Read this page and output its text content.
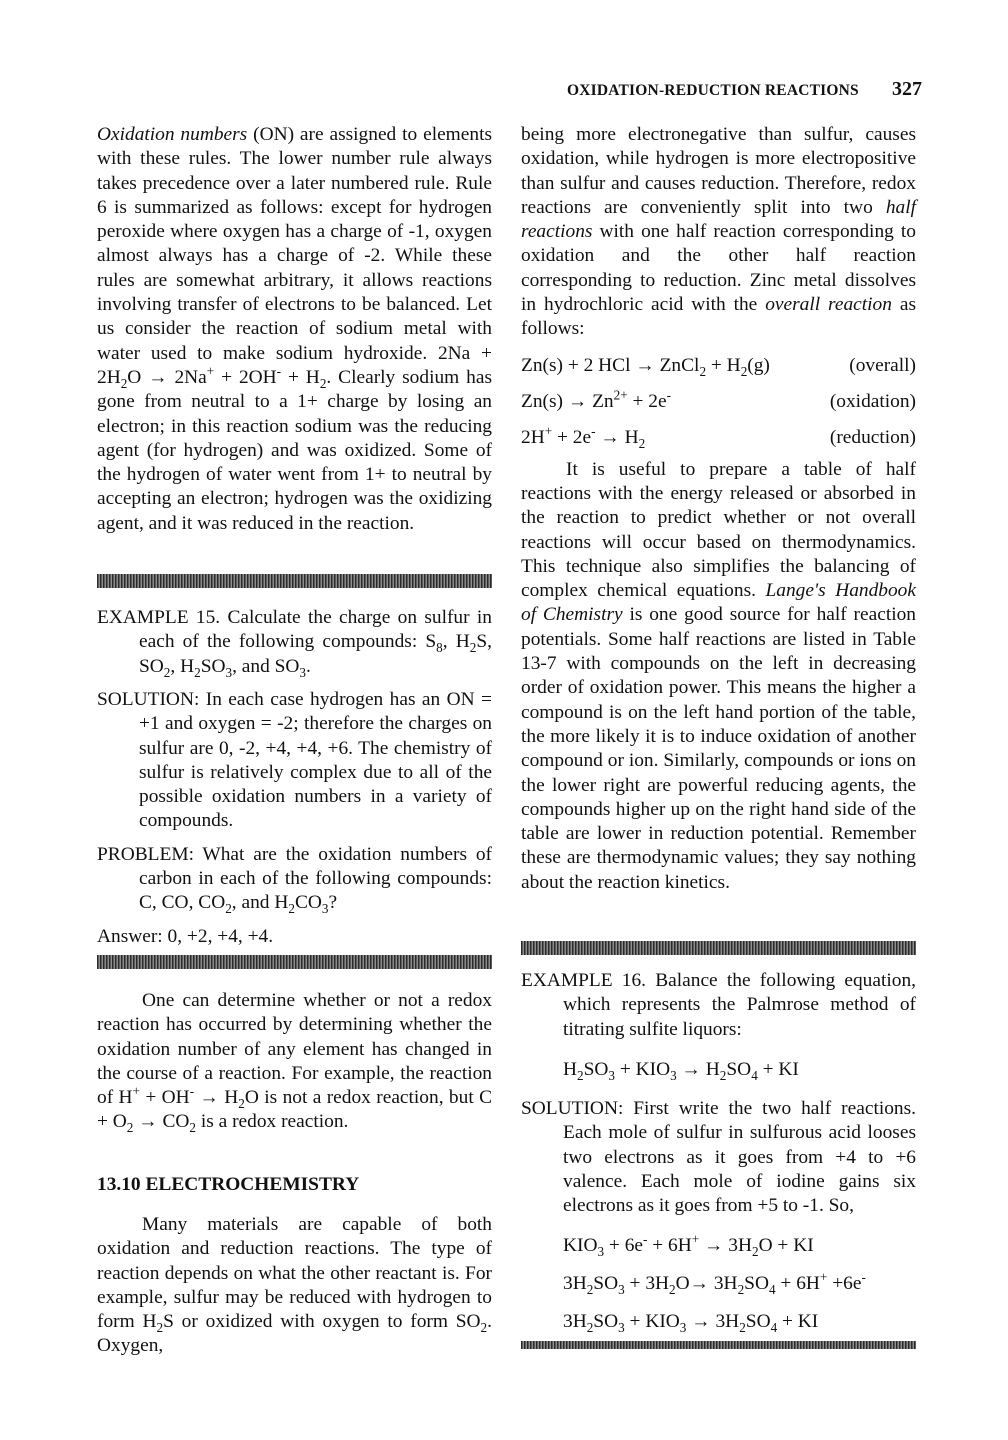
OXIDATION-REDUCTION REACTIONS 327

Oxidation numbers (ON) are assigned to elements with these rules. The lower number rule always takes precedence over a later numbered rule. Rule 6 is summarized as follows: except for hydrogen peroxide where oxygen has a charge of -1, oxygen almost always has a charge of -2. While these rules are somewhat arbitrary, it allows reactions involving transfer of electrons to be balanced. Let us consider the reaction of sodium metal with water used to make sodium hydroxide. $2Na + 2H_2O \to 2Na^+ + 2OH^- + H_2$. Clearly sodium has gone from neutral to a 1+ charge by losing an electron; in this reaction sodium was the reducing agent (for hydrogen) and was oxidized. Some of the hydrogen of water went from 1+ to neutral by accepting an electron; hydrogen was the oxidizing agent, and it was reduced in the reaction.

EXAMPLE 15. Calculate the charge on sulfur in each of the following compounds: $S_8$, $H_2S$, $SO_2$, $H_2SO_3$, and $SO_3$.

SOLUTION: In each case hydrogen has an ON = +1 and oxygen = -2; therefore the charges on sulfur are 0, -2, +4, +4, +6. The chemistry of sulfur is relatively complex due to all of the possible oxidation numbers in a variety of compounds.

PROBLEM: What are the oxidation numbers of carbon in each of the following compounds: C, CO, $CO_2$, and $H_2CO_3$?

Answer: 0, +2, +4, +4.

One can determine whether or not a redox reaction has occurred by determining whether the oxidation number of any element has changed in the course of a reaction. For example, the reaction of $H^+ + OH^- \to H_2O$ is not a redox reaction, but $C + O_2 \to CO_2$ is a redox reaction.

13.10 ELECTROCHEMISTRY

Many materials are capable of both oxidation and reduction reactions. The type of reaction depends on what the other reactant is. For example, sulfur may be reduced with hydrogen to form $H_2S$ or oxidized with oxygen to form $SO_2$. Oxygen,

being more electronegative than sulfur, causes oxidation, while hydrogen is more electropositive than sulfur and causes reduction. Therefore, redox reactions are conveniently split into two half reactions with one half reaction corresponding to oxidation and the other half reaction corresponding to reduction. Zinc metal dissolves in hydrochloric acid with the overall reaction as follows:

Zn(s) + 2 HCl → ZnCl$_2$ + $H_2(g)$	(overall)
$Zn(s) \to Zn^{2+} + 2e^-$	(oxidation)
$2H^+ + 2e^- \to H_2$	(reduction)

It is useful to prepare a table of half reactions with the energy released or absorbed in the reaction to predict whether or not overall reactions will occur based on thermodynamics. This technique also simplifies the balancing of complex chemical equations. Lange's Handbook of Chemistry is one good source for half reaction potentials. Some half reactions are listed in Table 13-7 with compounds on the left in decreasing order of oxidation power. This means the higher a compound is on the left hand portion of the table, the more likely it is to induce oxidation of another compound or ion. Similarly, compounds or ions on the lower right are powerful reducing agents, the compounds higher up on the right hand side of the table are lower in reduction potential. Remember these are thermodynamic values; they say nothing about the reaction kinetics.

EXAMPLE 16. Balance the following equation, which represents the Palmrose method of titrating sulfite liquors:

$H_2SO_3 + KIO_3 \to H_2SO_4$ + KI

SOLUTION: First write the two half reactions. Each mole of sulfur in sulfurous acid looses two electrons as it goes from +4 to +6 valence. Each mole of iodine gains six electrons as it goes from +5 to -1. So,

$KIO_3 + 6e^- + 6H^+ \to 3H_2O$ + KI
$3H_2SO_3 + 3H_2O\to 3H_2SO_4 + 6H^+ +6e^-$
$3H_2SO_3 + KIO_3 \to 3H_2SO_4$ + KI
